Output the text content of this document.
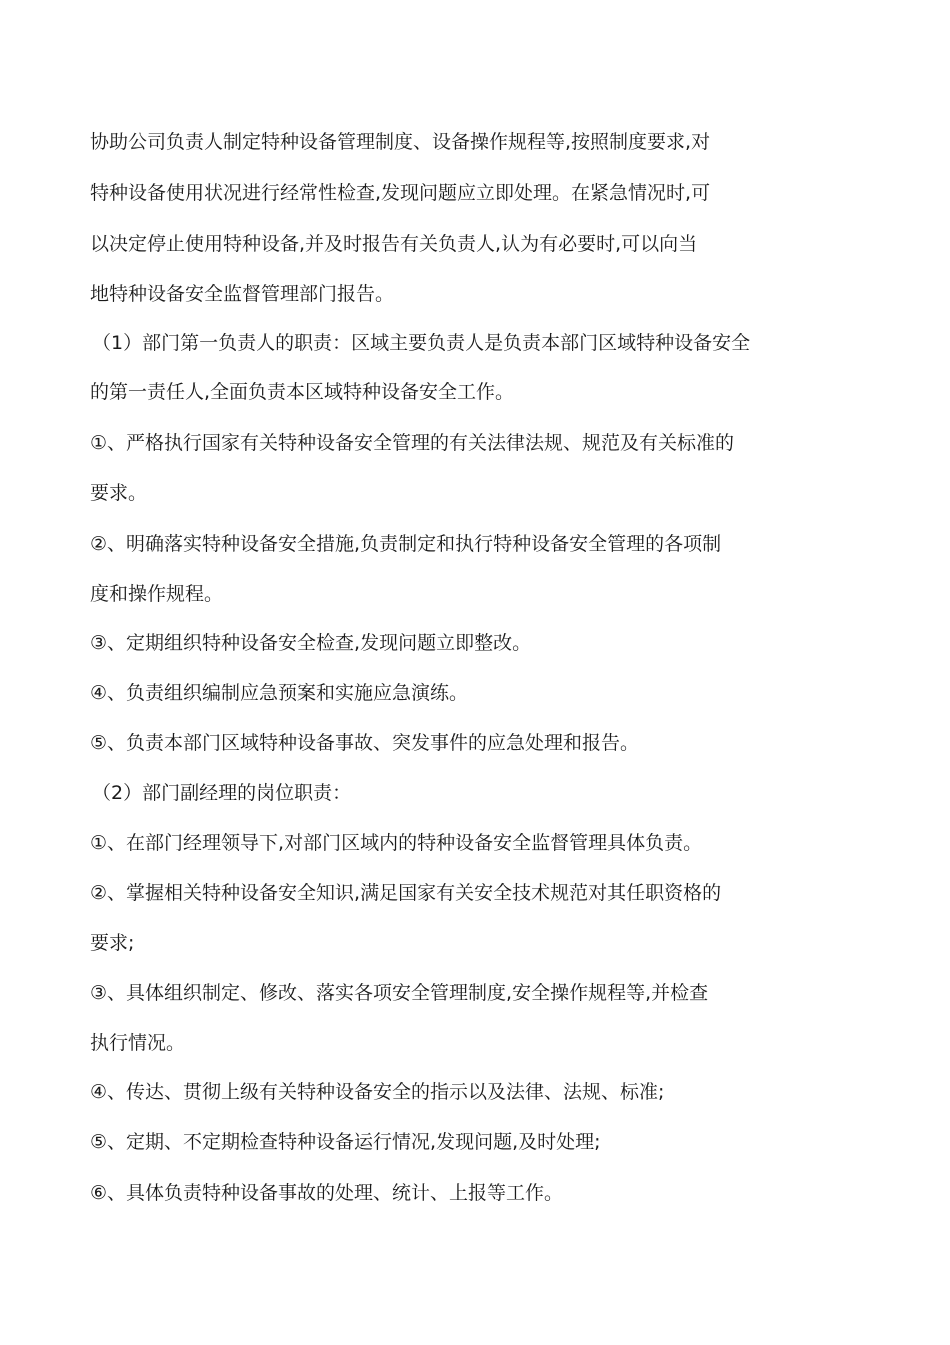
协助公司负责人制定特种设备管理制度、设备操作规程等,按照制度要求,对
特种设备使用状况进行经常性检查,发现问题应立即处理。在紧急情况时,可
以决定停止使用特种设备,并及时报告有关负责人,认为有必要时,可以向当
地特种设备安全监督管理部门报告。
（1）部门第一负责人的职责：区域主要负责人是负责本部门区域特种设备安全
的第一责任人,全面负责本区域特种设备安全工作。
①、严格执行国家有关特种设备安全管理的有关法律法规、规范及有关标准的
要求。
②、明确落实特种设备安全措施,负责制定和执行特种设备安全管理的各项制
度和操作规程。
③、定期组织特种设备安全检查,发现问题立即整改。
④、负责组织编制应急预案和实施应急演练。
⑤、负责本部门区域特种设备事故、突发事件的应急处理和报告。
（2）部门副经理的岗位职责：
①、在部门经理领导下,对部门区域内的特种设备安全监督管理具体负责。
②、掌握相关特种设备安全知识,满足国家有关安全技术规范对其任职资格的
要求;
③、具体组织制定、修改、落实各项安全管理制度,安全操作规程等,并检查
执行情况。
④、传达、贯彻上级有关特种设备安全的指示以及法律、法规、标准;
⑤、定期、不定期检查特种设备运行情况,发现问题,及时处理;
⑥、具体负责特种设备事故的处理、统计、上报等工作。
